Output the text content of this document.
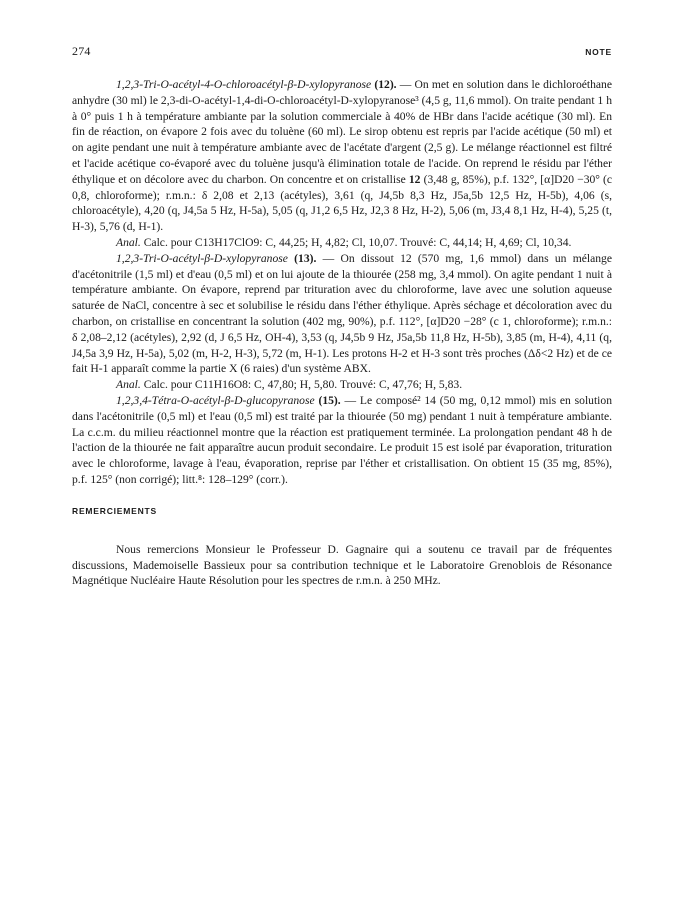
274	NOTE

1,2,3-Tri-O-acétyl-4-O-chloroacétyl-β-D-xylopyranose (12). — On met en solution dans le dichloroéthane anhydre (30 ml) le 2,3-di-O-acétyl-1,4-di-O-chloroacétyl-D-xylopyranose³ (4,5 g, 11,6 mmol). On traite pendant 1 h à 0° puis 1 h à température ambiante par la solution commerciale à 40% de HBr dans l'acide acétique (30 ml). En fin de réaction, on évapore 2 fois avec du toluène (60 ml). Le sirop obtenu est repris par l'acide acétique (50 ml) et on agite pendant une nuit à température ambiante avec de l'acétate d'argent (2,5 g). Le mélange réactionnel est filtré et l'acide acétique co-évaporé avec du toluène jusqu'à élimination totale de l'acide. On reprend le résidu par l'éther éthylique et on décolore avec du charbon. On concentre et on cristallise 12 (3,48 g, 85%), p.f. 132°, [α]D20 −30° (c 0,8, chloroforme); r.m.n.: δ 2,08 et 2,13 (acétyles), 3,61 (q, J4,5b 8,3 Hz, J5a,5b 12,5 Hz, H-5b), 4,06 (s, chloroacétyle), 4,20 (q, J4,5a 5 Hz, H-5a), 5,05 (q, J1,2 6,5 Hz, J2,3 8 Hz, H-2), 5,06 (m, J3,4 8,1 Hz, H-4), 5,25 (t, H-3), 5,76 (d, H-1).

Anal. Calc. pour C13H17ClO9: C, 44,25; H, 4,82; Cl, 10,07. Trouvé: C, 44,14; H, 4,69; Cl, 10,34.

1,2,3-Tri-O-acétyl-β-D-xylopyranose (13). — On dissout 12 (570 mg, 1,6 mmol) dans un mélange d'acétonitrile (1,5 ml) et d'eau (0,5 ml) et on lui ajoute de la thiourée (258 mg, 3,4 mmol). On agite pendant 1 nuit à température ambiante. On évapore, reprend par trituration avec du chloroforme, lave avec une solution aqueuse saturée de NaCl, concentre à sec et solubilise le résidu dans l'éther éthylique. Après séchage et décoloration avec du charbon, on cristallise en concentrant la solution (402 mg, 90%), p.f. 112°, [α]D20 −28° (c 1, chloroforme); r.m.n.: δ 2,08–2,12 (acétyles), 2,92 (d, J 6,5 Hz, OH-4), 3,53 (q, J4,5b 9 Hz, J5a,5b 11,8 Hz, H-5b), 3,85 (m, H-4), 4,11 (q, J4,5a 3,9 Hz, H-5a), 5,02 (m, H-2, H-3), 5,72 (m, H-1). Les protons H-2 et H-3 sont très proches (Δδ<2 Hz) et de ce fait H-1 apparaît comme la partie X (6 raies) d'un système ABX.

Anal. Calc. pour C11H16O8: C, 47,80; H, 5,80. Trouvé: C, 47,76; H, 5,83.

1,2,3,4-Tétra-O-acétyl-β-D-glucopyranose (15). — Le composé² 14 (50 mg, 0,12 mmol) mis en solution dans l'acétonitrile (0,5 ml) et l'eau (0,5 ml) est traité par la thiourée (50 mg) pendant 1 nuit à température ambiante. La c.c.m. du milieu réactionnel montre que la réaction est pratiquement terminée. La prolongation pendant 48 h de l'action de la thiourée ne fait apparaître aucun produit secondaire. Le produit 15 est isolé par évaporation, trituration avec le chloroforme, lavage à l'eau, évaporation, reprise par l'éther et cristallisation. On obtient 15 (35 mg, 85%), p.f. 125° (non corrigé); litt.⁸: 128–129° (corr.).

REMERCIEMENTS

Nous remercions Monsieur le Professeur D. Gagnaire qui a soutenu ce travail par de fréquentes discussions, Mademoiselle Bassieux pour sa contribution technique et le Laboratoire Grenoblois de Résonance Magnétique Nucléaire Haute Résolution pour les spectres de r.m.n. à 250 MHz.
